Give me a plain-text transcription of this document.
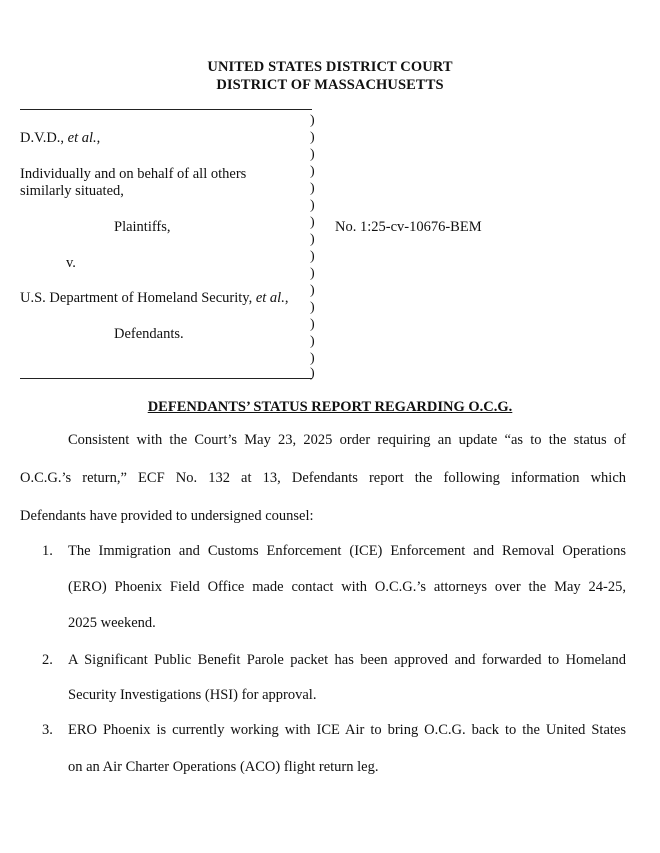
UNITED STATES DISTRICT COURT
DISTRICT OF MASSACHUSETTS
)
)
)
)
)
)
)
)
)
)
)
)
)
)
)
)
D.V.D., et al.,
Individually and on behalf of all others
similarly situated,
Plaintiffs,
v.
U.S. Department of Homeland Security, et al.,
Defendants.
No. 1:25-cv-10676-BEM
DEFENDANTS’ STATUS REPORT REGARDING O.C.G.
Consistent with the Court’s May 23, 2025 order requiring an update “as to the status of
O.C.G.’s return,” ECF No. 132 at 13, Defendants report the following information which
Defendants have provided to undersigned counsel:
1. The Immigration and Customs Enforcement (ICE) Enforcement and Removal Operations
(ERO) Phoenix Field Office made contact with O.C.G.’s attorneys over the May 24-25,
2025 weekend.
2. A Significant Public Benefit Parole packet has been approved and forwarded to Homeland
Security Investigations (HSI) for approval.
3. ERO Phoenix is currently working with ICE Air to bring O.C.G. back to the United States
on an Air Charter Operations (ACO) flight return leg.
